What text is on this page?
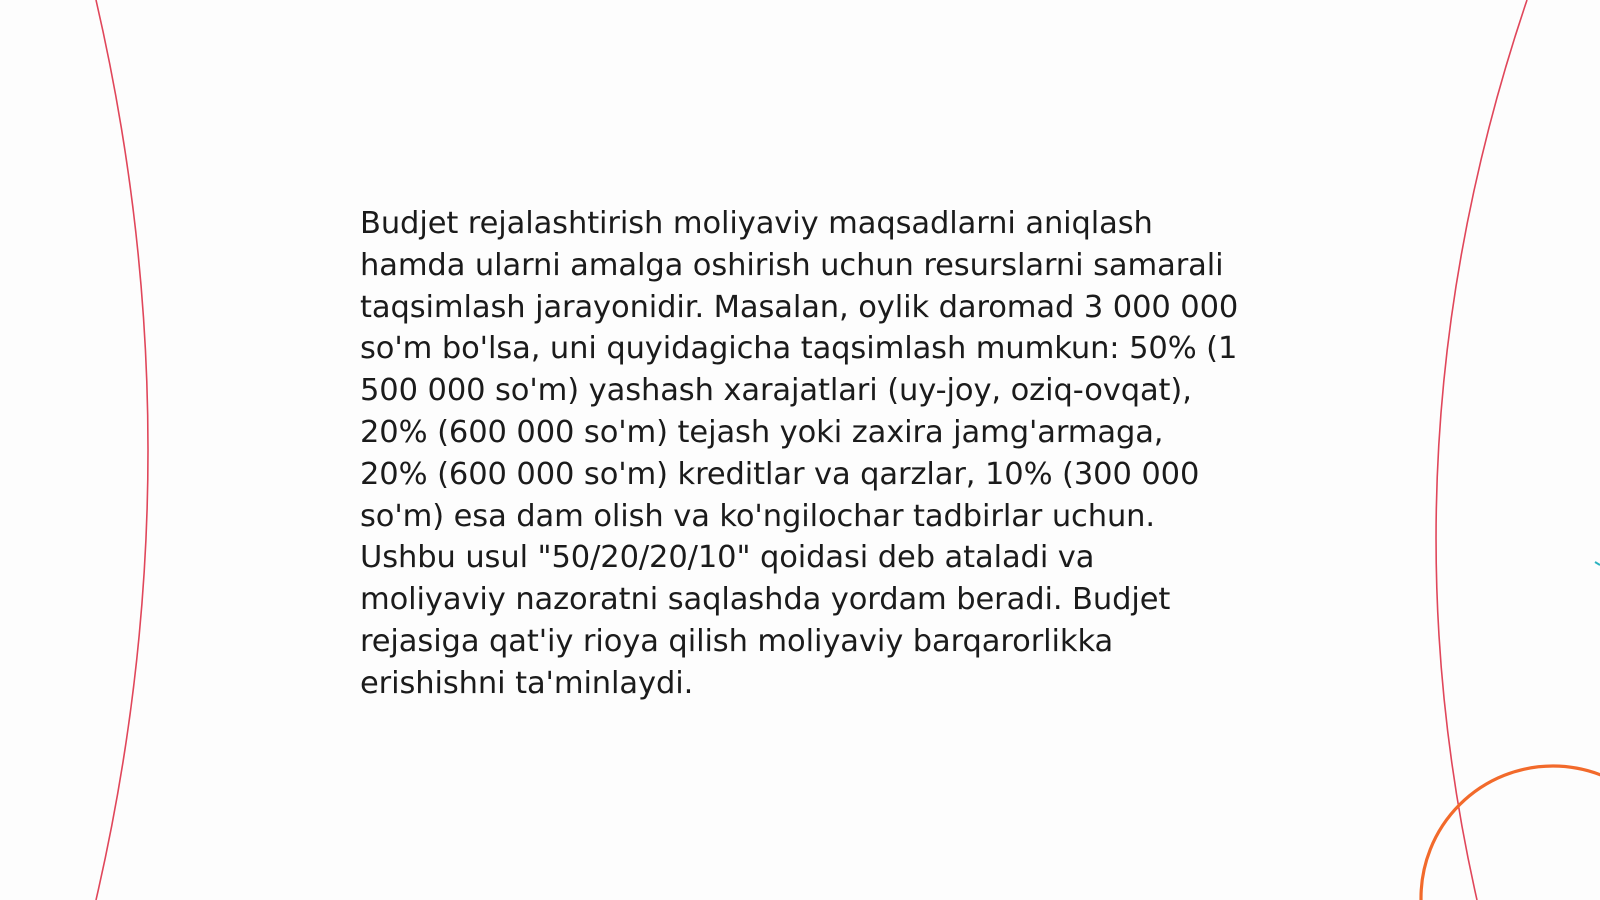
Budjet rejalashtirish moliyaviy maqsadlarni aniqlash hamda ularni amalga oshirish uchun resurslarni samarali taqsimlash jarayonidir. Masalan, oylik daromad 3 000 000 so'm bo'lsa, uni quyidagicha taqsimlash mumkun: 50% (1 500 000 so'm) yashash xarajatlari (uy-joy, oziq-ovqat), 20% (600 000 so'm) tejash yoki zaxira jamg'armaga, 20% (600 000 so'm) kreditlar va qarzlar, 10% (300 000 so'm) esa dam olish va ko'ngilochar tadbirlar uchun. Ushbu usul "50/20/20/10" qoidasi deb ataladi va moliyaviy nazoratni saqlashda yordam beradi. Budjet rejasiga qat'iy rioya qilish moliyaviy barqarorlikka erishishni ta'minlaydi.
